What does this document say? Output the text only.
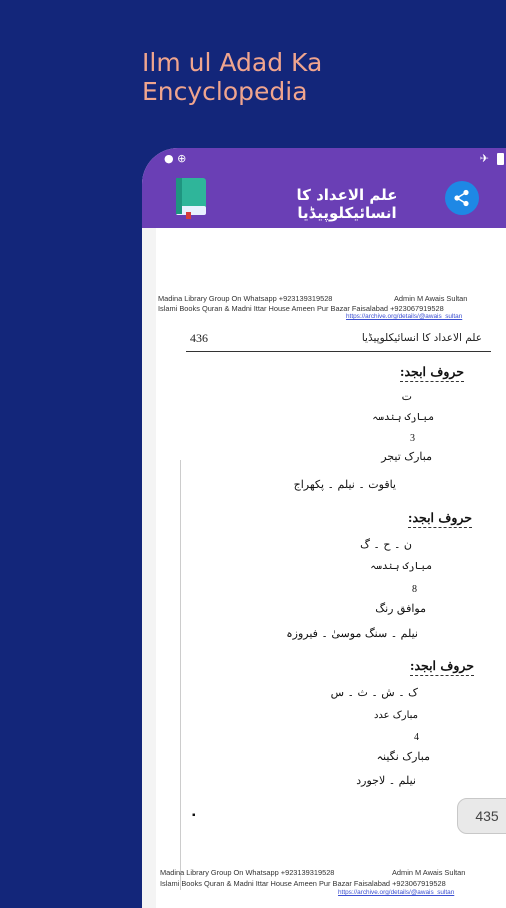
Ilm ul Adad Ka
Encyclopedia
● ⊕	✈
علم الاعداد کا انسائیکلوپیڈیا
Madina Library Group On Whatsapp +923139319528	Admin M Awais Sultan
Islami Books Quran & Madni Ittar House Ameen Pur Bazar Faisalabad +923067919528
https://archive.org/details/@awais_sultan
436	علم الاعداد کا انسائیکلوپیڈیا
حروف ابجد:
ت
مبارک ہندسہ
3
مبارک تیجر
یاقوت ۔ نیلم ۔ پکھراج
حروف ابجد:
ن ۔ ح ۔ گ
مبارک ہندسہ
8
موافق رنگ
نیلم ۔ سنگ موسیٰ ۔ فیروزہ
حروف ابجد:
ک ۔ ش ۔ ث ۔ س
مبارک عدد
4
مبارک نگینہ
نیلم ۔ لاجورد
▪
Madina Library Group On Whatsapp +923139319528	Admin M Awais Sultan
Islami Books Quran & Madni Ittar House Ameen Pur Bazar Faisalabad +923067919528
https://archive.org/details/@awais_sultan
435
